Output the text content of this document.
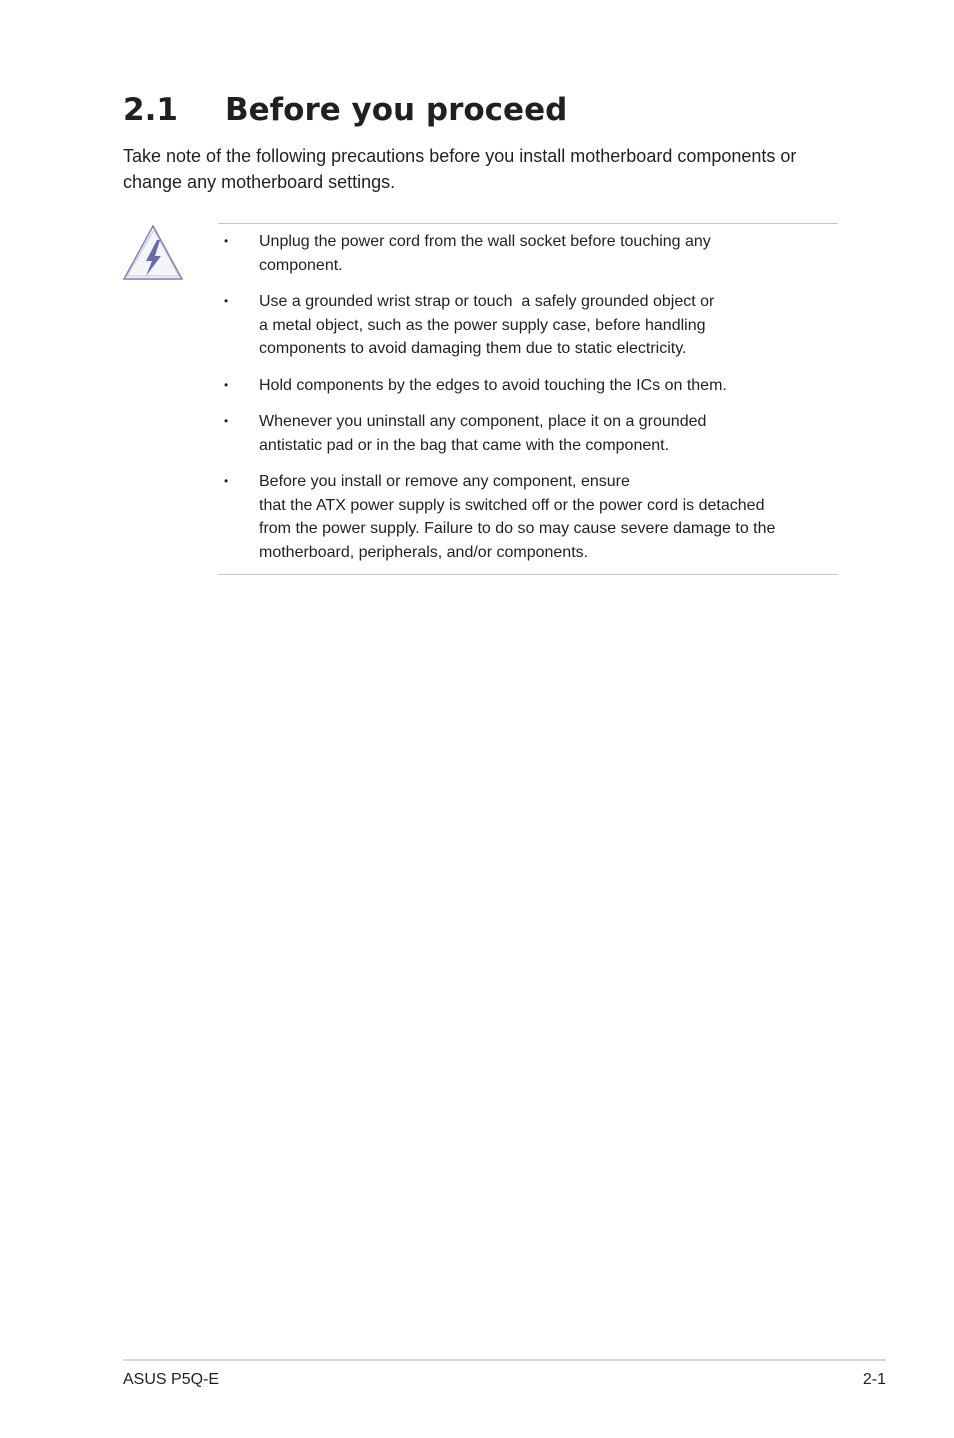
2.1 Before you proceed

Take note of the following precautions before you install motherboard components or change any motherboard settings.

• Unplug the power cord from the wall socket before touching any
component.
• Use a grounded wrist strap or touch  a safely grounded object or
a metal object, such as the power supply case, before handling
components to avoid damaging them due to static electricity.
• Hold components by the edges to avoid touching the ICs on them.
• Whenever you uninstall any component, place it on a grounded
antistatic pad or in the bag that came with the component.
• Before you install or remove any component, ensure
that the ATX power supply is switched off or the power cord is detached
from the power supply. Failure to do so may cause severe damage to the
motherboard, peripherals, and/or components.
ASUS P5Q-E	2-1
